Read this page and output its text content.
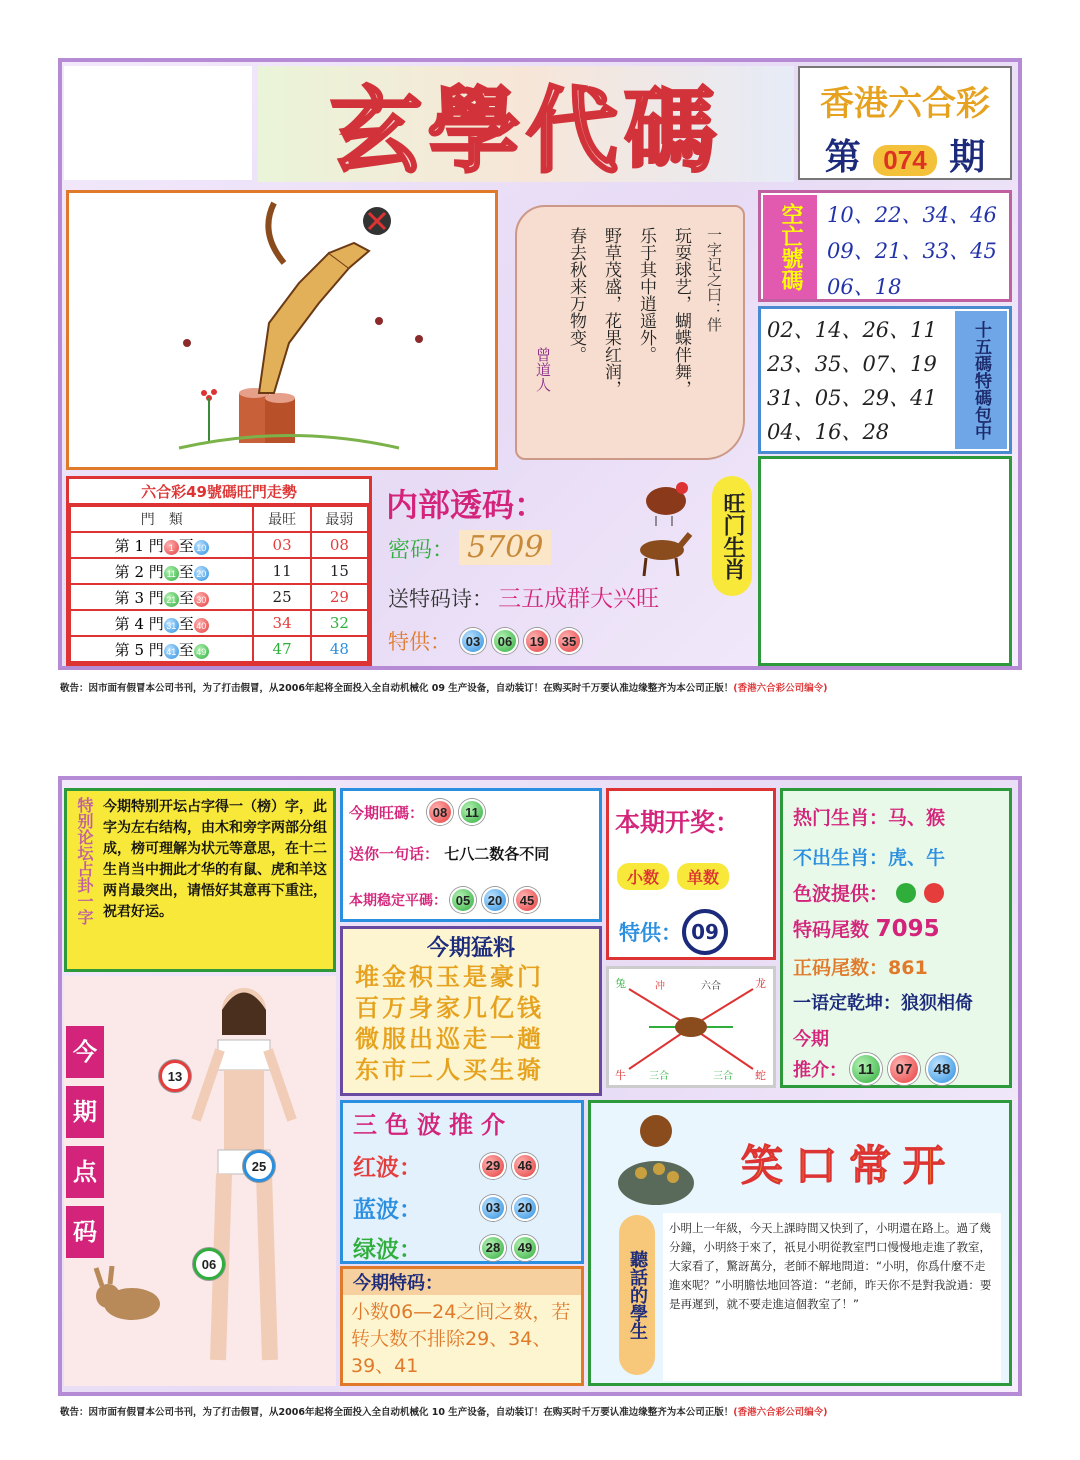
玄學代碼	香港六合彩
第 074 期
一字记之曰：伴
玩耍球艺，蝴蝶伴舞，
乐于其中逍遥外。
野草茂盛，花果红润，
春去秋来万物变。
曾道人
空亡號碼	10、22、34、46
09、21、33、45
06、18
02、14、26、11
23、35、07、19
31、05、29、41
04、16、28	十五碼特碼包中
六合彩49號碼旺門走勢
門　類	最旺	最弱
第 1 門 1 至 10	03	08
第 2 門 11 至 20	11	15
第 3 門 21 至 30	25	29
第 4 門 31 至 40	34	32
第 5 門 41 至 49	47	48
内部透码：
密码： 5709
送特码诗： 三五成群大兴旺
特供：	03	06	19	35
旺门生肖
敬告：因市面有假冒本公司书刊，为了打击假冒，从2006年起将全面投入全自动机械化 09 生产设备，自动装订！在购买时千万要认准边缘整齐为本公司正版！(香港六合彩公司编令)
特别论坛占卦一字 今期特别开坛占字得一（榜）字，此字为左右结构，由木和旁字两部分组成，榜可理解为状元等意思，在十二生肖当中拥此才华的有鼠、虎和羊这两肖最突出，请悟好其意再下重注，祝君好运。
今
期
点
码
13
25
06
今期旺碼： 08	11
送你一句话： 七八二数各不同
本期稳定平碼： 05	20	45
本期开奖：
小数	单数
特供： 09
热门生肖：马、猴
不出生肖：虎、牛
色波提供：
特码尾数 7095
正码尾数：861
一语定乾坤：狼狈相倚
今期
推介： 11	07	48
今期猛料
堆金积玉是豪门
百万身家几亿钱
微服出巡走一趟
东市二人买生骑
兔	冲	六合	龙
牛 三合	三合 蛇
三色波推介
红波：	29	46
蓝波：	03	20
绿波：	28	49
今期特码：
小数06—24之间之数，若转大数不排除29、34、39、41
笑口常开
聽話的學生
小明上一年級，今天上課時間又快到了，小明還在路上。過了幾分鐘，小明終于來了，祇見小明從教室門口慢慢地走進了教室，大家看了，驚訝萬分，老師不解地問道：“小明，你爲什麼不走進來呢？”小明膽怯地回答道：“老師，昨天你不是對我說過：要是再遲到，就不要走進這個教室了！”
敬告：因市面有假冒本公司书刊，为了打击假冒，从2006年起将全面投入全自动机械化 10 生产设备，自动装订！在购买时千万要认准边缘整齐为本公司正版！(香港六合彩公司编令)
